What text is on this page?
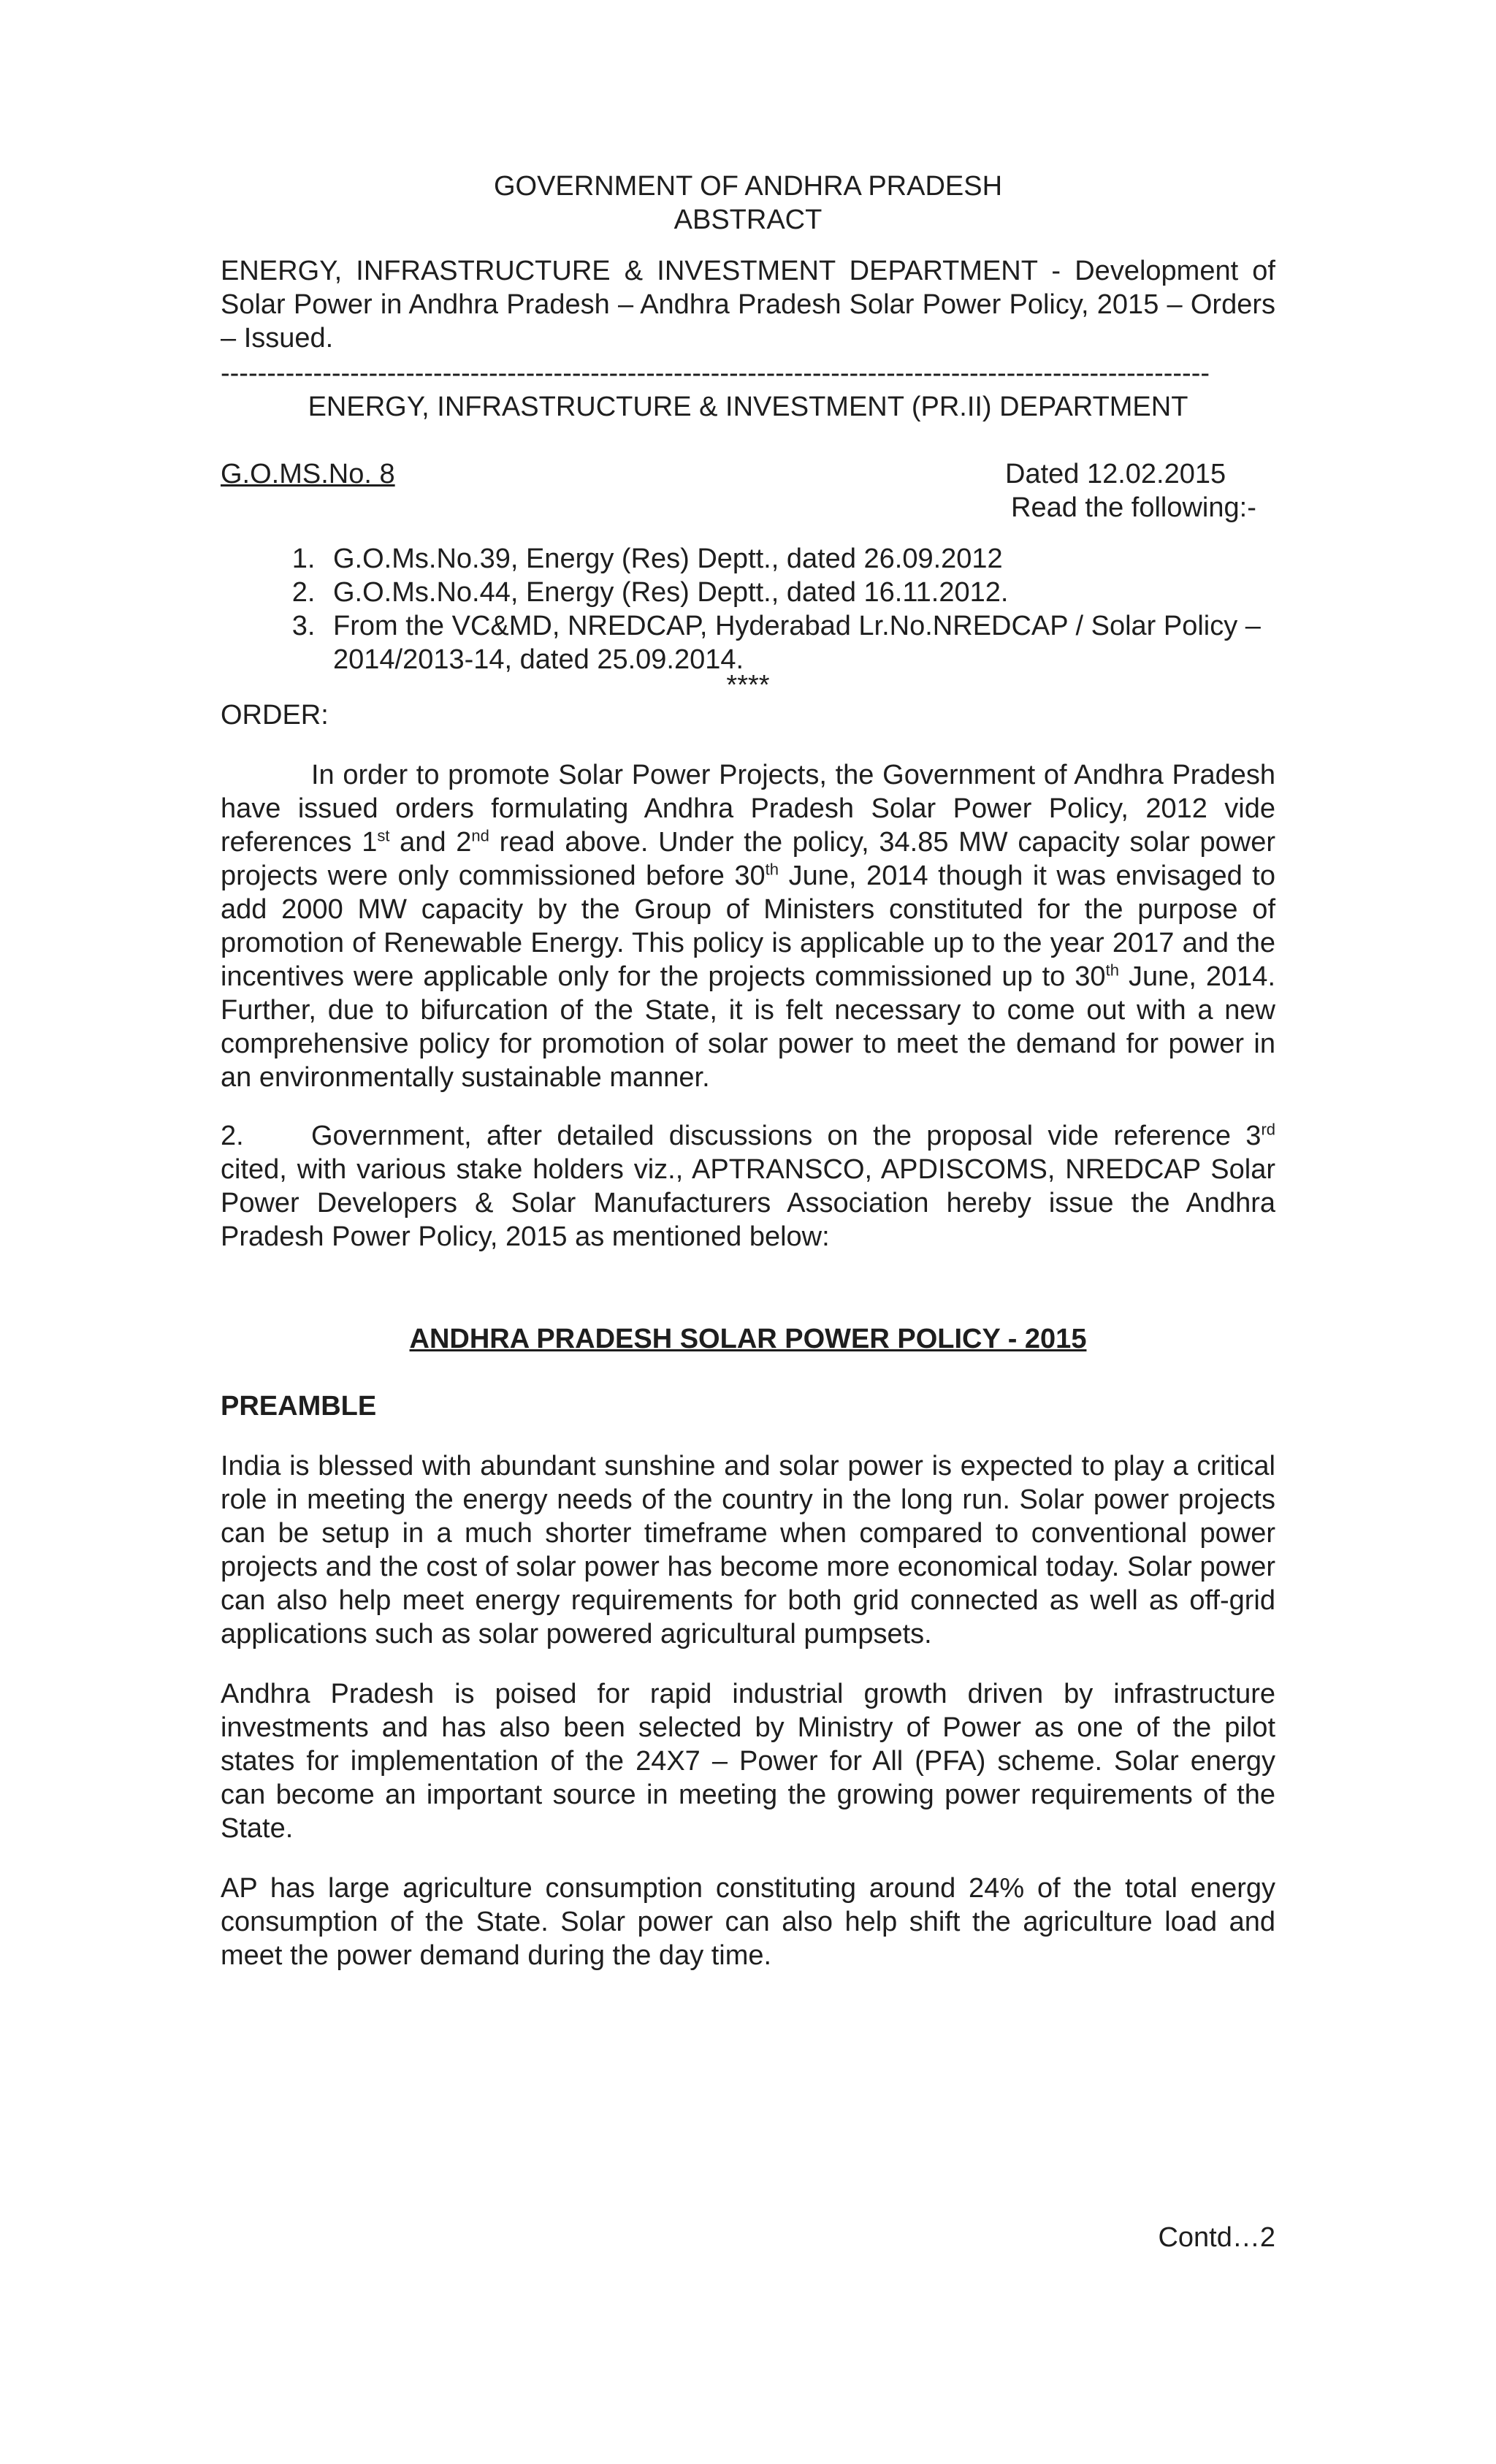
GOVERNMENT OF ANDHRA PRADESH
ABSTRACT
ENERGY, INFRASTRUCTURE & INVESTMENT DEPARTMENT - Development of Solar Power in Andhra Pradesh – Andhra Pradesh Solar Power Policy, 2015 – Orders – Issued.
-----------------------------------------------------------------------------------------------------------
ENERGY, INFRASTRUCTURE & INVESTMENT (PR.II) DEPARTMENT
G.O.MS.No. 8	Dated 12.02.2015
Read the following:-
1. G.O.Ms.No.39, Energy (Res) Deptt., dated 26.09.2012
2. G.O.Ms.No.44, Energy (Res) Deptt., dated 16.11.2012.
3. From the VC&MD, NREDCAP, Hyderabad Lr.No.NREDCAP / Solar Policy – 2014/2013-14, dated 25.09.2014.
****
ORDER:

In order to promote Solar Power Projects, the Government of Andhra Pradesh have issued orders formulating Andhra Pradesh Solar Power Policy, 2012 vide references 1st and 2nd read above. Under the policy, 34.85 MW capacity solar power projects were only commissioned before 30th June, 2014 though it was envisaged to add 2000 MW capacity by the Group of Ministers constituted for the purpose of promotion of Renewable Energy. This policy is applicable up to the year 2017 and the incentives were applicable only for the projects commissioned up to 30th June, 2014. Further, due to bifurcation of the State, it is felt necessary to come out with a new comprehensive policy for promotion of solar power to meet the demand for power in an environmentally sustainable manner.

2. Government, after detailed discussions on the proposal vide reference 3rd cited, with various stake holders viz., APTRANSCO, APDISCOMS, NREDCAP Solar Power Developers & Solar Manufacturers Association hereby issue the Andhra Pradesh Power Policy, 2015 as mentioned below:

ANDHRA PRADESH SOLAR POWER POLICY - 2015
PREAMBLE

India is blessed with abundant sunshine and solar power is expected to play a critical role in meeting the energy needs of the country in the long run. Solar power projects can be setup in a much shorter timeframe when compared to conventional power projects and the cost of solar power has become more economical today. Solar power can also help meet energy requirements for both grid connected as well as off-grid applications such as solar powered agricultural pumpsets.

Andhra Pradesh is poised for rapid industrial growth driven by infrastructure investments and has also been selected by Ministry of Power as one of the pilot states for implementation of the 24X7 – Power for All (PFA) scheme. Solar energy can become an important source in meeting the growing power requirements of the State.

AP has large agriculture consumption constituting around 24% of the total energy consumption of the State. Solar power can also help shift the agriculture load and meet the power demand during the day time.

Contd…2
